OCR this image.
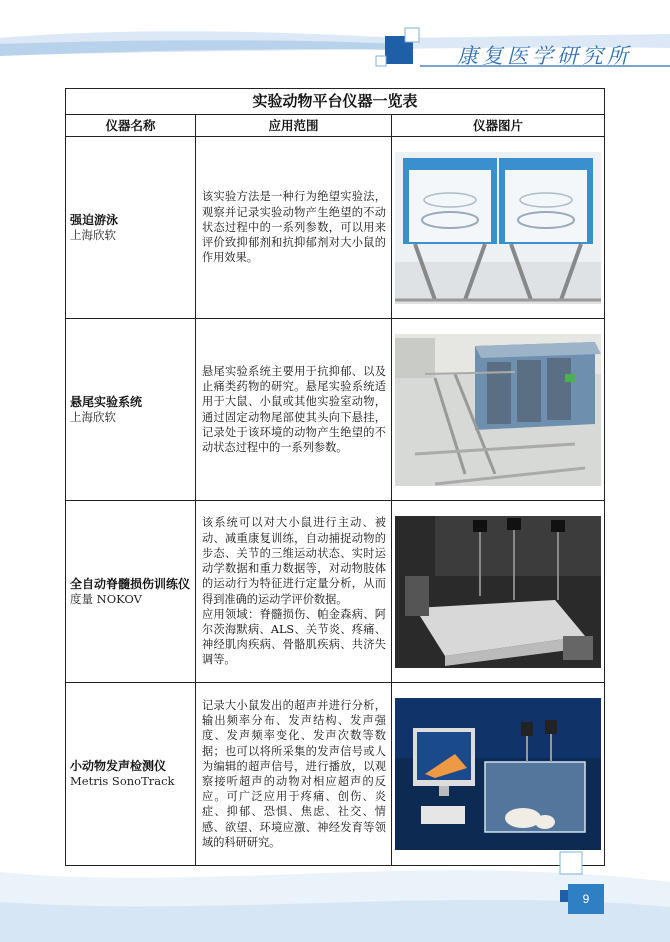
康复医学研究所
实验动物平台仪器一览表
仪器名称	应用范围	仪器图片
强迫游泳
上海欣软
该实验方法是一种行为绝望实验法，观察并记录实验动物产生绝望的不动状态过程中的一系列参数，可以用来评价致抑郁剂和抗抑郁剂对大小鼠的作用效果。
悬尾实验系统
上海欣软
悬尾实验系统主要用于抗抑郁、以及止痛类药物的研究。悬尾实验系统适用于大鼠、小鼠或其他实验室动物，通过固定动物尾部使其头向下悬挂，记录处于该环境的动物产生绝望的不动状态过程中的一系列参数。
全自动脊髓损伤训练仪
度量 NOKOV
该系统可以对大小鼠进行主动、被动、减重康复训练，自动捕捉动物的步态、关节的三维运动状态、实时运动学数据和重力数据等，对动物肢体的运动行为特征进行定量分析，从而得到准确的运动学评价数据。
应用领域：脊髓损伤、帕金森病、阿尔茨海默病、ALS、关节炎、疼痛、神经肌肉疾病、骨骼肌疾病、共济失调等。
小动物发声检测仪
Metris SonoTrack
记录大小鼠发出的超声并进行分析，输出频率分布、发声结构、发声强度、发声频率变化、发声次数等数据；也可以将所采集的发声信号或人为编辑的超声信号，进行播放，以观察接听超声的动物对相应超声的反应。可广泛应用于疼痛、创伤、炎症、抑郁、恐惧、焦虑、社交、情感、欲望、环境应激、神经发育等领域的科研研究。
9
